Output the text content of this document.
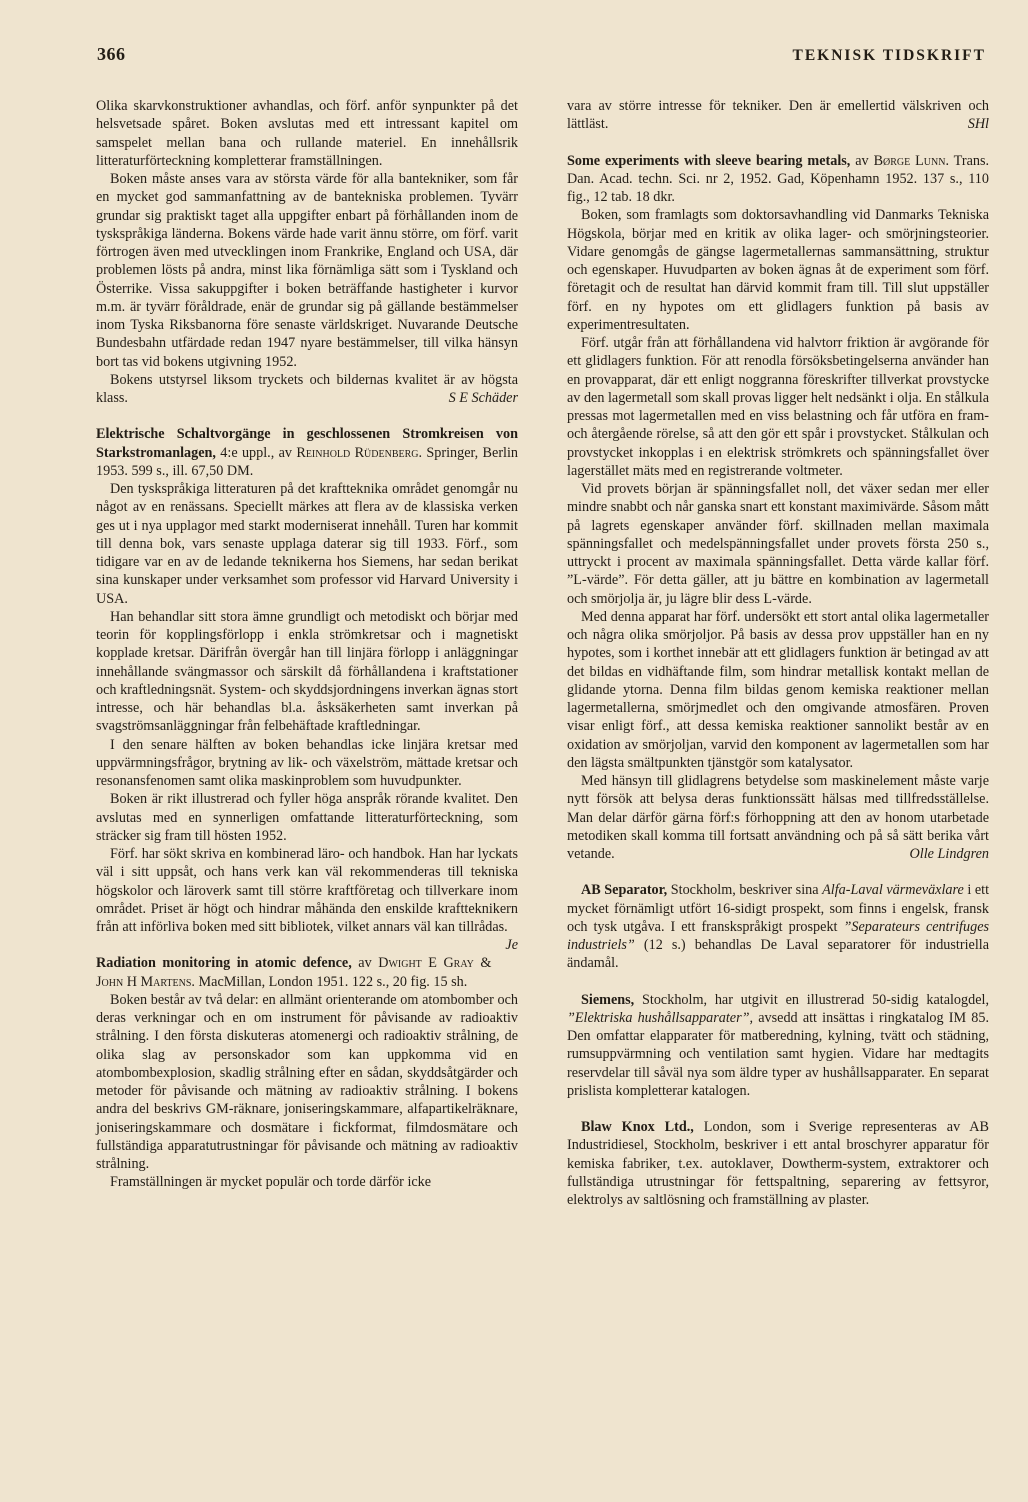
366	TEKNISK TIDSKRIFT

Olika skarvkonstruktioner avhandlas, och förf. anför synpunkter på det helsvetsade spåret. Boken avslutas med ett intressant kapitel om samspelet mellan bana och rullande materiel. En innehållsrik litteraturförteckning kompletterar framställningen.

Boken måste anses vara av största värde för alla bantekniker, som får en mycket god sammanfattning av de bantekniska problemen. Tyvärr grundar sig praktiskt taget alla uppgifter enbart på förhållanden inom de tyskspråkiga länderna. Bokens värde hade varit ännu större, om förf. varit förtrogen även med utvecklingen inom Frankrike, England och USA, där problemen lösts på andra, minst lika förnämliga sätt som i Tyskland och Österrike. Vissa sakuppgifter i boken beträffande hastigheter i kurvor m.m. är tyvärr föråldrade, enär de grundar sig på gällande bestämmelser inom Tyska Riksbanorna före senaste världskriget. Nuvarande Deutsche Bundesbahn utfärdade redan 1947 nyare bestämmelser, till vilka hänsyn bort tas vid bokens utgivning 1952.

Bokens utstyrsel liksom tryckets och bildernas kvalitet är av högsta klass.	S E Schäder

Elektrische Schaltvorgänge in geschlossenen Stromkreisen von Starkstromanlagen, 4:e uppl., av Reinhold Rüdenberg. Springer, Berlin 1953. 599 s., ill. 67,50 DM.

Den tyskspråkiga litteraturen på det kraftteknika området genomgår nu något av en renässans. Speciellt märkes att flera av de klassiska verken ges ut i nya upplagor med starkt moderniserat innehåll. Turen har kommit till denna bok, vars senaste upplaga daterar sig till 1933. Förf., som tidigare var en av de ledande teknikerna hos Siemens, har sedan berikat sina kunskaper under verksamhet som professor vid Harvard University i USA.

Han behandlar sitt stora ämne grundligt och metodiskt och börjar med teorin för kopplingsförlopp i enkla strömkretsar och i magnetiskt kopplade kretsar. Därifrån övergår han till linjära förlopp i anläggningar innehållande svängmassor och särskilt då förhållandena i kraftstationer och kraftledningsnät. System- och skyddsjordningens inverkan ägnas stort intresse, och här behandlas bl.a. åsksäkerheten samt inverkan på svagströmsanläggningar från felbehäftade kraftledningar.

I den senare hälften av boken behandlas icke linjära kretsar med uppvärmningsfrågor, brytning av lik- och växelström, mättade kretsar och resonansfenomen samt olika maskinproblem som huvudpunkter.

Boken är rikt illustrerad och fyller höga anspråk rörande kvalitet. Den avslutas med en synnerligen omfattande litteraturförteckning, som sträcker sig fram till hösten 1952.

Förf. har sökt skriva en kombinerad läro- och handbok. Han har lyckats väl i sitt uppsåt, och hans verk kan väl rekommenderas till tekniska högskolor och läroverk samt till större kraftföretag och tillverkare inom området. Priset är högt och hindrar måhända den enskilde kraftteknikern från att införliva boken med sitt bibliotek, vilket annars väl kan tillrådas.
Je

Radiation monitoring in atomic defence, av Dwight E Gray & John H Martens. MacMillan, London 1951. 122 s., 20 fig. 15 sh.

Boken består av två delar: en allmänt orienterande om atombomber och deras verkningar och en om instrument för påvisande av radioaktiv strålning. I den första diskuteras atomenergi och radioaktiv strålning, de olika slag av personskador som kan uppkomma vid en atombombexplosion, skadlig strålning efter en sådan, skyddsåtgärder och metoder för påvisande och mätning av radioaktiv strålning. I bokens andra del beskrivs GM-räknare, joniseringskammare, alfapartikelräknare, joniseringskammare och dosmätare i fickformat, filmdosmätare och fullständiga apparatutrustningar för påvisande och mätning av radioaktiv strålning.

Framställningen är mycket populär och torde därför icke

vara av större intresse för tekniker. Den är emellertid välskriven och lättläst.	SHl

Some experiments with sleeve bearing metals, av Børge Lunn. Trans. Dan. Acad. techn. Sci. nr 2, 1952. Gad, Köpenhamn 1952. 137 s., 110 fig., 12 tab. 18 dkr.

Boken, som framlagts som doktorsavhandling vid Danmarks Tekniska Högskola, börjar med en kritik av olika lager- och smörjningsteorier. Vidare genomgås de gängse lagermetallernas sammansättning, struktur och egenskaper. Huvudparten av boken ägnas åt de experiment som förf. företagit och de resultat han därvid kommit fram till. Till slut uppställer förf. en ny hypotes om ett glidlagers funktion på basis av experimentresultaten.

Förf. utgår från att förhållandena vid halvtorr friktion är avgörande för ett glidlagers funktion. För att renodla försöksbetingelserna använder han en provapparat, där ett enligt noggranna föreskrifter tillverkat provstycke av den lagermetall som skall provas ligger helt nedsänkt i olja. En stålkula pressas mot lagermetallen med en viss belastning och får utföra en fram- och återgående rörelse, så att den gör ett spår i provstycket. Stålkulan och provstycket inkopplas i en elektrisk strömkrets och spänningsfallet över lagerstället mäts med en registrerande voltmeter.

Vid provets början är spänningsfallet noll, det växer sedan mer eller mindre snabbt och når ganska snart ett konstant maximivärde. Såsom mått på lagrets egenskaper använder förf. skillnaden mellan maximala spänningsfallet och medelspänningsfallet under provets första 250 s., uttryckt i procent av maximala spänningsfallet. Detta värde kallar förf. ”L-värde”. För detta gäller, att ju bättre en kombination av lagermetall och smörjolja är, ju lägre blir dess L-värde.

Med denna apparat har förf. undersökt ett stort antal olika lagermetaller och några olika smörjoljor. På basis av dessa prov uppställer han en ny hypotes, som i korthet innebär att ett glidlagers funktion är betingad av att det bildas en vidhäftande film, som hindrar metallisk kontakt mellan de glidande ytorna. Denna film bildas genom kemiska reaktioner mellan lagermetallerna, smörjmedlet och den omgivande atmosfären. Proven visar enligt förf., att dessa kemiska reaktioner sannolikt består av en oxidation av smörjoljan, varvid den komponent av lagermetallen som har den lägsta smältpunkten tjänstgör som katalysator.

Med hänsyn till glidlagrens betydelse som maskinelement måste varje nytt försök att belysa deras funktionssätt hälsas med tillfredsställelse. Man delar därför gärna förf:s förhoppning att den av honom utarbetade metodiken skall komma till fortsatt användning och på så sätt berika vårt vetande.	Olle Lindgren

AB Separator, Stockholm, beskriver sina Alfa-Laval värmeväxlare i ett mycket förnämligt utfört 16-sidigt prospekt, som finns i engelsk, fransk och tysk utgåva. I ett franskspråkigt prospekt ”Separateurs centrifuges industriels” (12 s.) behandlas De Laval separatorer för industriella ändamål.

Siemens, Stockholm, har utgivit en illustrerad 50-sidig katalogdel, ”Elektriska hushållsapparater”, avsedd att insättas i ringkatalog IM 85. Den omfattar elapparater för matberedning, kylning, tvätt och städning, rumsuppvärmning och ventilation samt hygien. Vidare har medtagits reservdelar till såväl nya som äldre typer av hushållsapparater. En separat prislista kompletterar katalogen.

Blaw Knox Ltd., London, som i Sverige representeras av AB Industridiesel, Stockholm, beskriver i ett antal broschyrer apparatur för kemiska fabriker, t.ex. autoklaver, Dowtherm-system, extraktorer och fullständiga utrustningar för fettspaltning, separering av fettsyror, elektrolys av saltlösning och framställning av plaster.
